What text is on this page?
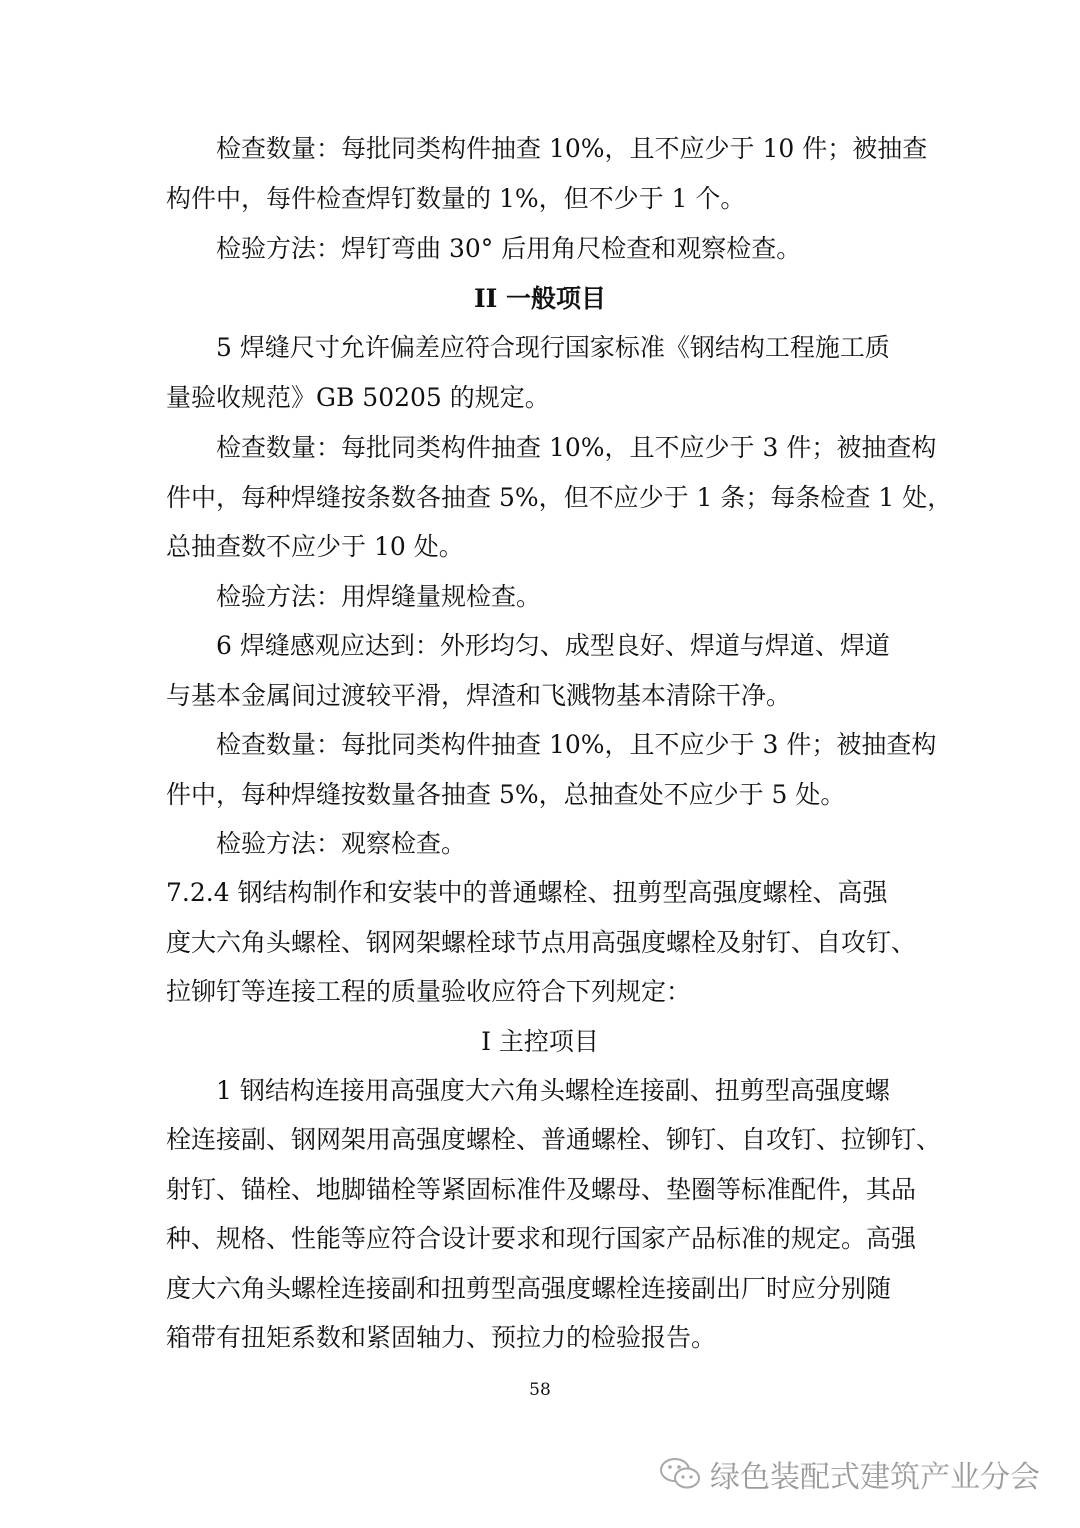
检查数量：每批同类构件抽查 10%，且不应少于 10 件；被抽查
构件中，每件检查焊钉数量的 1%，但不少于 1 个。
检验方法：焊钉弯曲 30° 后用角尺检查和观察检查。
II 一般项目
5 焊缝尺寸允许偏差应符合现行国家标准《钢结构工程施工质
量验收规范》GB 50205 的规定。
检查数量：每批同类构件抽查 10%，且不应少于 3 件；被抽查构
件中，每种焊缝按条数各抽查 5%，但不应少于 1 条；每条检查 1 处，
总抽查数不应少于 10 处。
检验方法：用焊缝量规检查。
6 焊缝感观应达到：外形均匀、成型良好、焊道与焊道、焊道
与基本金属间过渡较平滑，焊渣和飞溅物基本清除干净。
检查数量：每批同类构件抽查 10%，且不应少于 3 件；被抽查构
件中，每种焊缝按数量各抽查 5%，总抽查处不应少于 5 处。
检验方法：观察检查。
7.2.4 钢结构制作和安装中的普通螺栓、扭剪型高强度螺栓、高强
度大六角头螺栓、钢网架螺栓球节点用高强度螺栓及射钉、自攻钉、
拉铆钉等连接工程的质量验收应符合下列规定：
I 主控项目
1 钢结构连接用高强度大六角头螺栓连接副、扭剪型高强度螺
栓连接副、钢网架用高强度螺栓、普通螺栓、铆钉、自攻钉、拉铆钉、
射钉、锚栓、地脚锚栓等紧固标准件及螺母、垫圈等标准配件，其品
种、规格、性能等应符合设计要求和现行国家产品标准的规定。高强
度大六角头螺栓连接副和扭剪型高强度螺栓连接副出厂时应分别随
箱带有扭矩系数和紧固轴力、预拉力的检验报告。
58
绿色装配式建筑产业分会
